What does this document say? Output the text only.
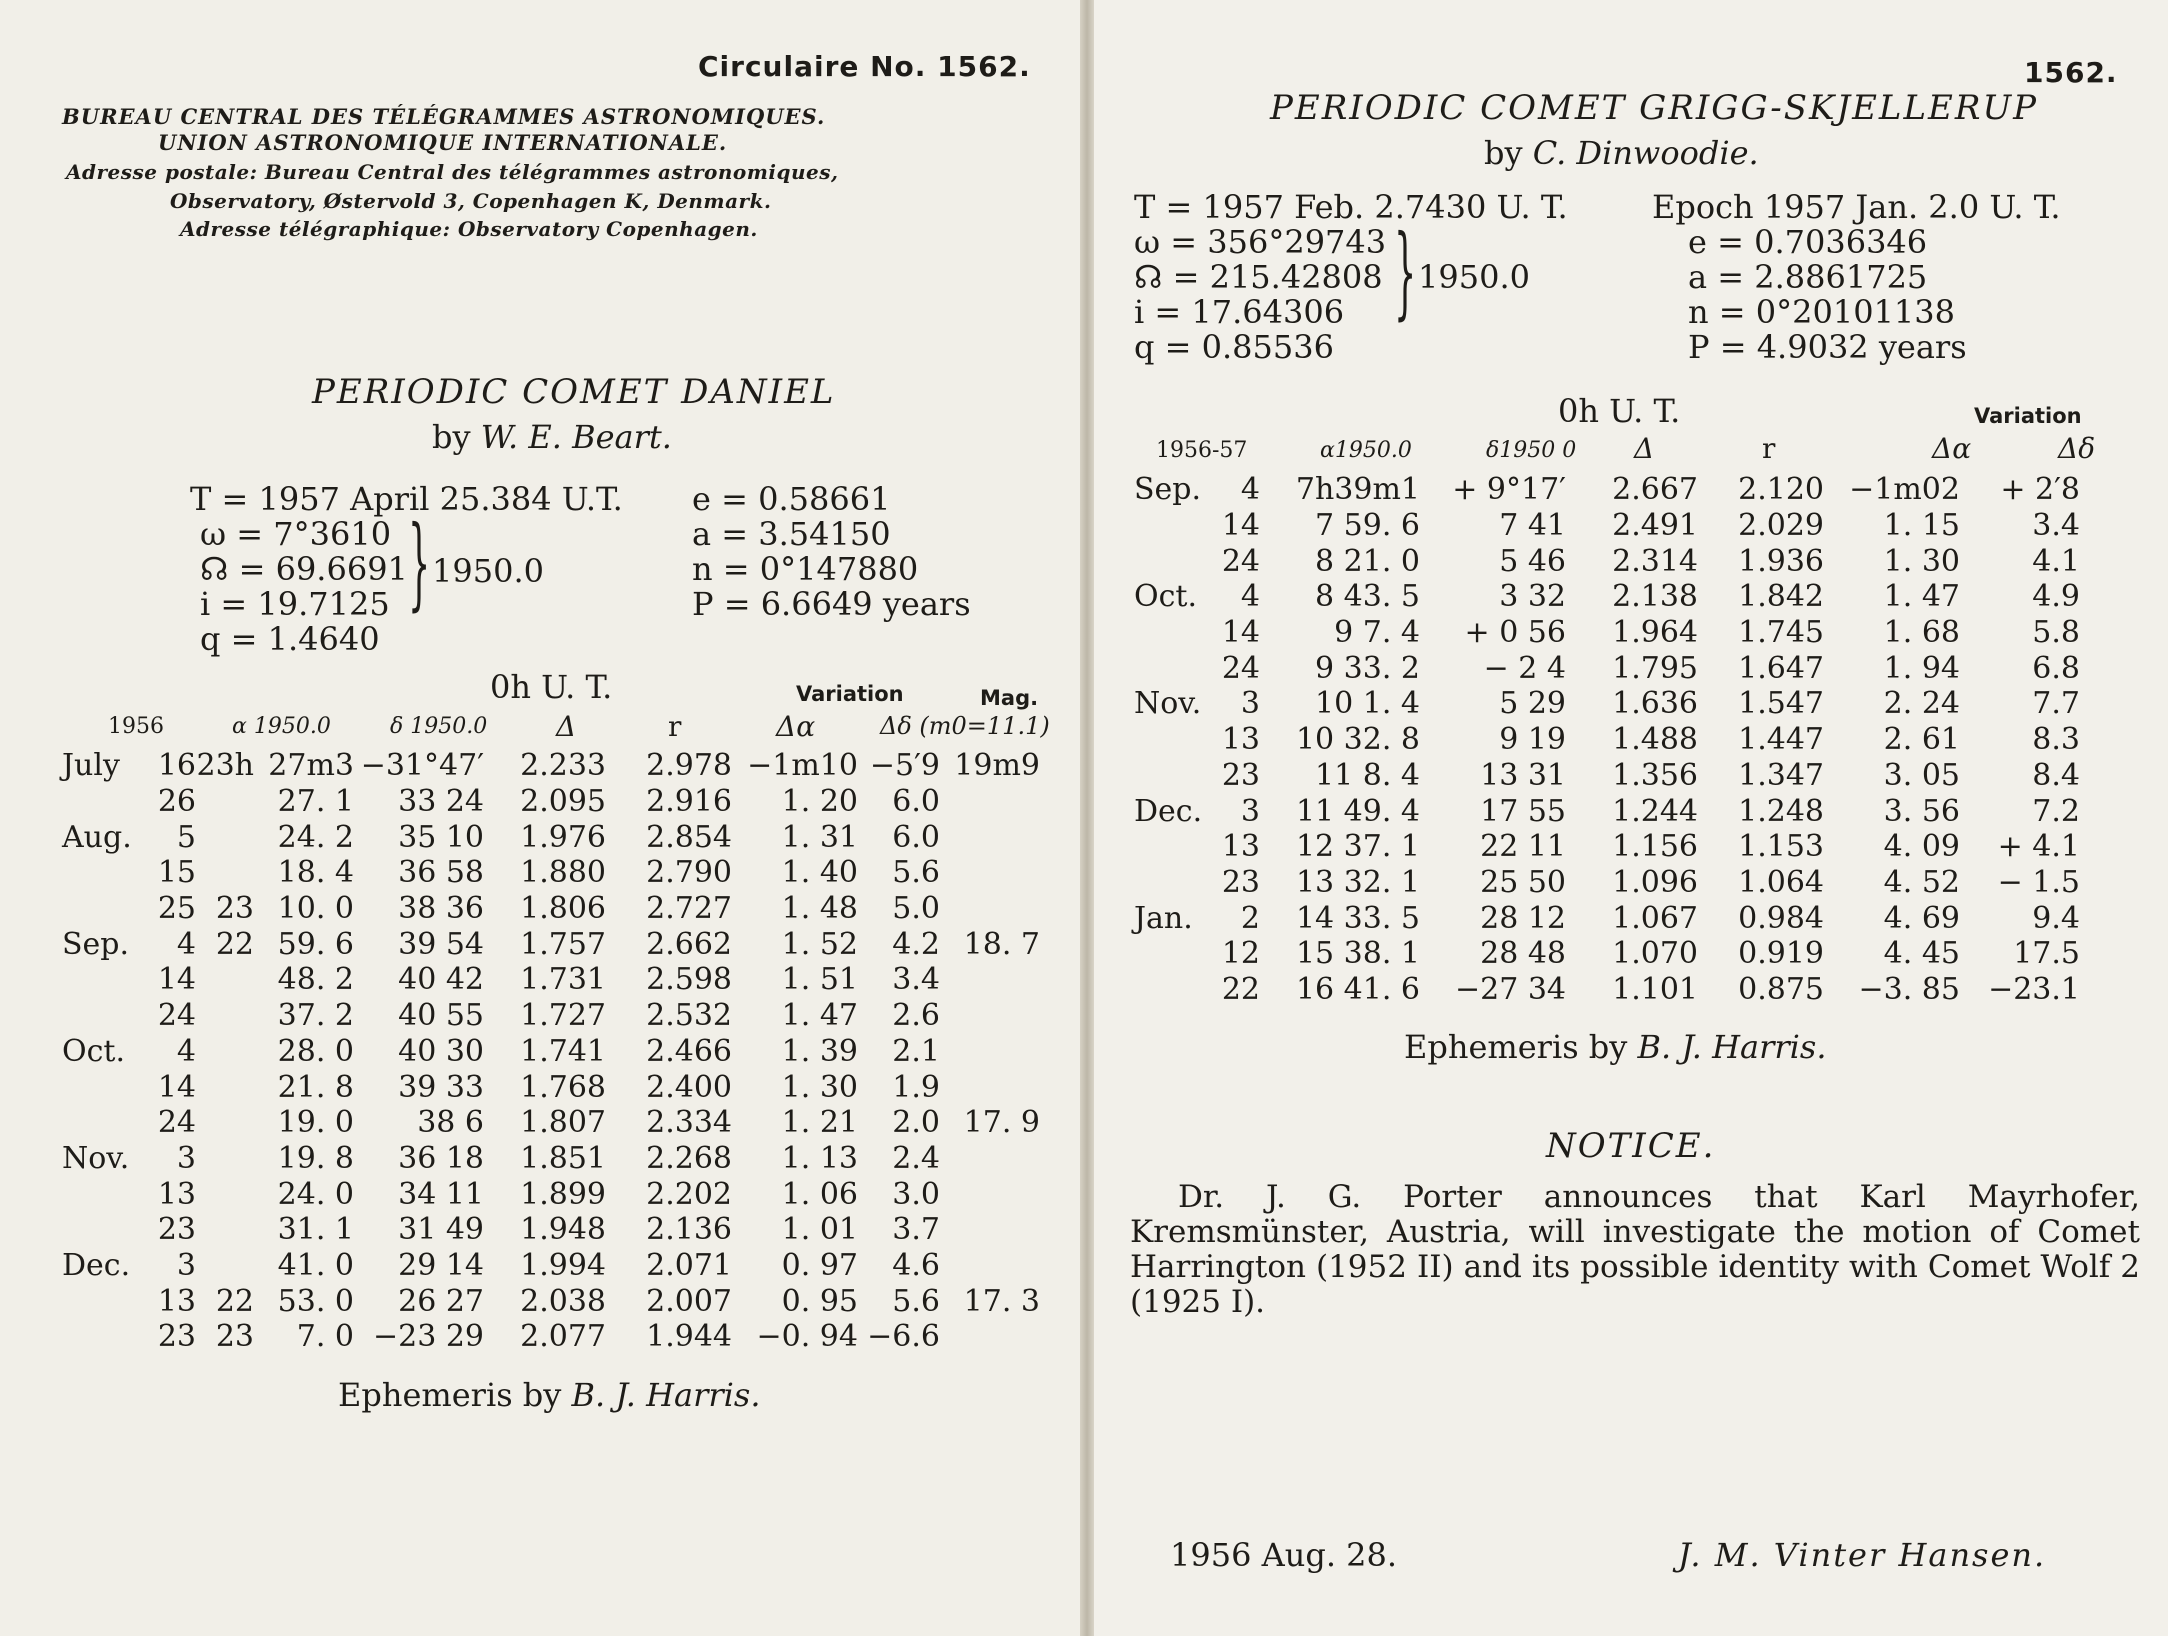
Circulaire No. 1562.
BUREAU CENTRAL DES TÉLÉGRAMMES ASTRONOMIQUES.
UNION ASTRONOMIQUE INTERNATIONALE.
Adresse postale: Bureau Central des télégrammes astronomiques,
Observatory, Østervold 3, Copenhagen K, Denmark.
Adresse télégraphique: Observatory Copenhagen.
PERIODIC COMET DANIEL
by W. E. Beart.
T = 1957 April 25.384 U.T.
ω = 7°3610
☊ = 69.6691
i = 19.7125
q = 1.4640
} 1950.0
e = 0.58661
a = 3.54150
n = 0°147880
P = 6.6649 years
0h U. T.	Variation	Mag.
1956	α 1950.0	δ 1950.0 Δ	r	Δα	Δδ (m0=11.1)
July	16	23h	27m3	−31°47′	2.233	2.978	−1m10	−5′9	19m9
	26		27. 1	33 24	2.095	2.916	1. 20	6.0	
Aug.	5		24. 2	35 10	1.976	2.854	1. 31	6.0	
	15		18. 4	36 58	1.880	2.790	1. 40	5.6	
	25	23	10. 0	38 36	1.806	2.727	1. 48	5.0	
Sep.	4	22	59. 6	39 54	1.757	2.662	1. 52	4.2	18. 7
	14		48. 2	40 42	1.731	2.598	1. 51	3.4	
	24		37. 2	40 55	1.727	2.532	1. 47	2.6	
Oct.	4		28. 0	40 30	1.741	2.466	1. 39	2.1	
	14		21. 8	39 33	1.768	2.400	1. 30	1.9	
	24		19. 0	38 6	1.807	2.334	1. 21	2.0	17. 9
Nov.	3		19. 8	36 18	1.851	2.268	1. 13	2.4	
	13		24. 0	34 11	1.899	2.202	1. 06	3.0	
	23		31. 1	31 49	1.948	2.136	1. 01	3.7	
Dec.	3		41. 0	29 14	1.994	2.071	0. 97	4.6	
	13	22	53. 0	26 27	2.038	2.007	0. 95	5.6	17. 3
	23	23	7. 0	−23 29	2.077	1.944	−0. 94	−6.6	
Ephemeris by B. J. Harris.
1562.
PERIODIC COMET GRIGG-SKJELLERUP
by C. Dinwoodie.
T = 1957 Feb. 2.7430 U. T.
ω = 356°29743
☊ = 215.42808
i = 17.64306
q = 0.85536
} 1950.0
Epoch 1957 Jan. 2.0 U. T.
e = 0.7036346
a = 2.8861725
n = 0°20101138
P = 4.9032 years
0h U. T.	Variation
1956-57	α1950.0	δ1950 0 Δ	r	Δα	Δδ
Sep.	4	7h39m1	+ 9°17′	2.667	2.120	−1m02	+ 2′8
	14	7 59. 6	7 41	2.491	2.029	1. 15	3.4
	24	8 21. 0	5 46	2.314	1.936	1. 30	4.1
Oct.	4	8 43. 5	3 32	2.138	1.842	1. 47	4.9
	14	9 7. 4	+ 0 56	1.964	1.745	1. 68	5.8
	24	9 33. 2	− 2 4	1.795	1.647	1. 94	6.8
Nov.	3	10 1. 4	5 29	1.636	1.547	2. 24	7.7
	13	10 32. 8	9 19	1.488	1.447	2. 61	8.3
	23	11 8. 4	13 31	1.356	1.347	3. 05	8.4
Dec.	3	11 49. 4	17 55	1.244	1.248	3. 56	7.2
	13	12 37. 1	22 11	1.156	1.153	4. 09	+ 4.1
	23	13 32. 1	25 50	1.096	1.064	4. 52	− 1.5
Jan.	2	14 33. 5	28 12	1.067	0.984	4. 69	9.4
	12	15 38. 1	28 48	1.070	0.919	4. 45	17.5
	22	16 41. 6	−27 34	1.101	0.875	−3. 85	−23.1
Ephemeris by B. J. Harris.
NOTICE.
Dr. J. G. Porter announces that Karl Mayrhofer, Kremsmünster, Austria, will investigate the motion of Comet Harrington (1952 II) and its possible identity with Comet Wolf 2 (1925 I).
1956 Aug. 28.	J. M. Vinter Hansen.
